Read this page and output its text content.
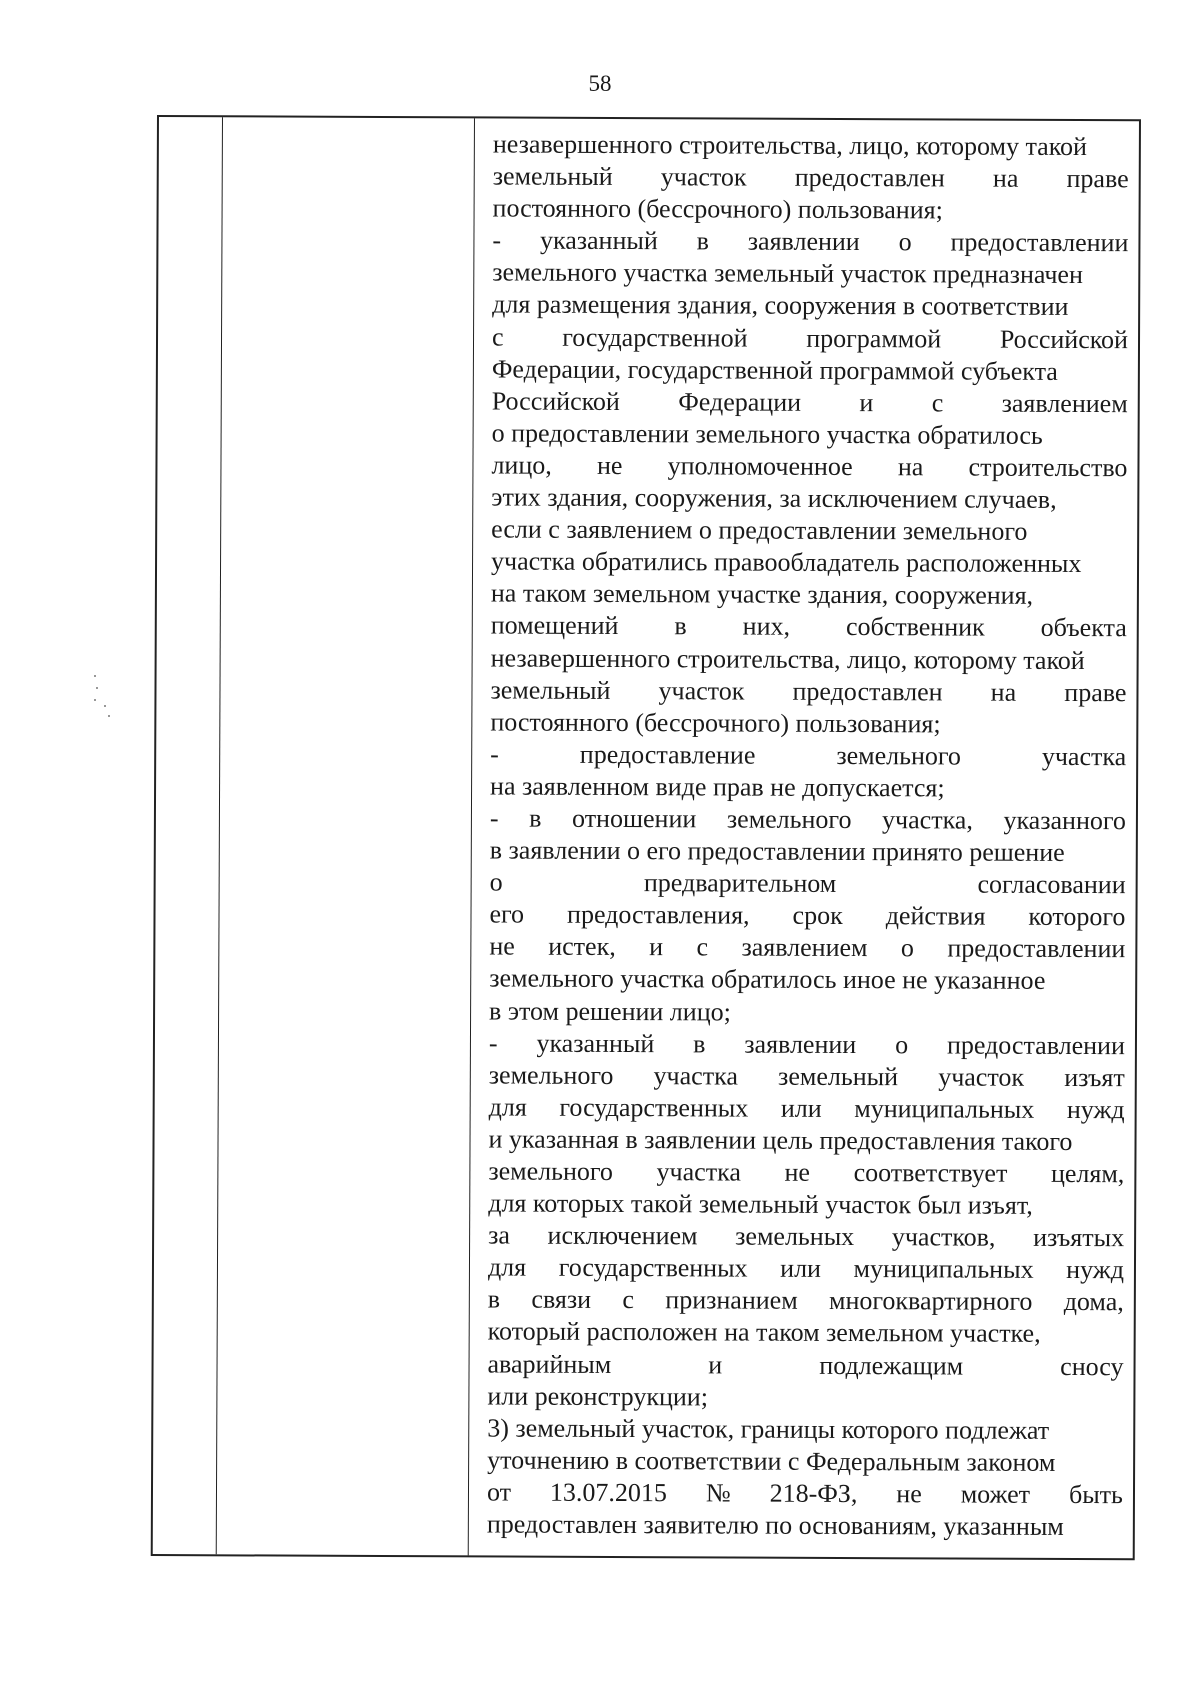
58
незавершенного строительства, лицо, которому такой
земельный участок предоставлен на праве
постоянного (бессрочного) пользования;
- указанный в заявлении о предоставлении
земельного участка земельный участок предназначен
для размещения здания, сооружения в соответствии
с государственной программой Российской
Федерации, государственной программой субъекта
Российской Федерации и с заявлением
о предоставлении земельного участка обратилось
лицо, не уполномоченное на строительство
этих здания, сооружения, за исключением случаев,
если с заявлением о предоставлении земельного
участка обратились правообладатель расположенных
на таком земельном участке здания, сооружения,
помещений в них, собственник объекта
незавершенного строительства, лицо, которому такой
земельный участок предоставлен на праве
постоянного (бессрочного) пользования;
-	предоставление	земельного	участка
на заявленном виде прав не допускается;
- в отношении земельного участка, указанного
в заявлении о его предоставлении принято решение
о	предварительном	согласовании
его предоставления, срок действия которого
не истек, и с заявлением о предоставлении
земельного участка обратилось иное не указанное
в этом решении лицо;
- указанный в заявлении о предоставлении
земельного участка земельный участок изъят
для государственных или муниципальных нужд
и указанная в заявлении цель предоставления такого
земельного участка не соответствует целям,
для которых такой земельный участок был изъят,
за исключением земельных участков, изъятых
для государственных или муниципальных нужд
в связи с признанием многоквартирного дома,
который расположен на таком земельном участке,
аварийным	и	подлежащим	сносу
или реконструкции;
3) земельный участок, границы которого подлежат
уточнению в соответствии с Федеральным законом
от 13.07.2015 № 218-ФЗ, не может быть
предоставлен заявителю по основаниям, указанным
